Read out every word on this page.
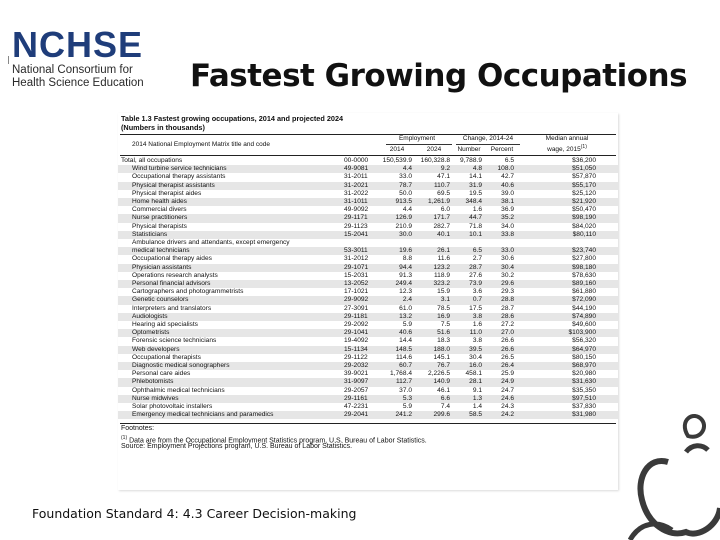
NCHSE
National Consortium for
Health Science Education	Fastest Growing Occupations
Table 1.3 Fastest growing occupations, 2014 and projected 2024
(Numbers in thousands)
2014 National Employment Matrix title and code
Employment	Change, 2014-24	Median annual
wage, 2015$^{(1)}$
2014	2024	Number	Percent
Total, all occupations	00-0000	150,539.9	160,328.8	9,788.9	6.5	$36,200
Wind turbine service technicians	49-9081	4.4	9.2	4.8	108.0	$51,050
Occupational therapy assistants	31-2011	33.0	47.1	14.1	42.7	$57,870
Physical therapist assistants	31-2021	78.7	110.7	31.9	40.6	$55,170
Physical therapist aides	31-2022	50.0	69.5	19.5	39.0	$25,120
Home health aides	31-1011	913.5	1,261.9	348.4	38.1	$21,920
Commercial divers	49-9092	4.4	6.0	1.6	36.9	$50,470
Nurse practitioners	29-1171	126.9	171.7	44.7	35.2	$98,190
Physical therapists	29-1123	210.9	282.7	71.8	34.0	$84,020
Statisticians	15-2041	30.0	40.1	10.1	33.8	$80,110
Ambulance drivers and attendants, except emergency
medical technicians	53-3011	19.6	26.1	6.5	33.0	$23,740
Occupational therapy aides	31-2012	8.8	11.6	2.7	30.6	$27,800
Physician assistants	29-1071	94.4	123.2	28.7	30.4	$98,180
Operations research analysts	15-2031	91.3	118.9	27.6	30.2	$78,630
Personal financial advisors	13-2052	249.4	323.2	73.9	29.6	$89,160
Cartographers and photogrammetrists	17-1021	12.3	15.9	3.6	29.3	$61,880
Genetic counselors	29-9092	2.4	3.1	0.7	28.8	$72,090
Interpreters and translators	27-3091	61.0	78.5	17.5	28.7	$44,190
Audiologists	29-1181	13.2	16.9	3.8	28.6	$74,890
Hearing aid specialists	29-2092	5.9	7.5	1.6	27.2	$49,600
Optometrists	29-1041	40.6	51.6	11.0	27.0	$103,900
Forensic science technicians	19-4092	14.4	18.3	3.8	26.6	$56,320
Web developers	15-1134	148.5	188.0	39.5	26.6	$64,970
Occupational therapists	29-1122	114.6	145.1	30.4	26.5	$80,150
Diagnostic medical sonographers	29-2032	60.7	76.7	16.0	26.4	$68,970
Personal care aides	39-9021	1,768.4	2,226.5	458.1	25.9	$20,980
Phlebotomists	31-9097	112.7	140.9	28.1	24.9	$31,630
Ophthalmic medical technicians	29-2057	37.0	46.1	9.1	24.7	$35,350
Nurse midwives	29-1161	5.3	6.6	1.3	24.6	$97,510
Solar photovoltaic installers	47-2231	5.9	7.4	1.4	24.3	$37,830
Emergency medical technicians and paramedics	29-2041	241.2	299.6	58.5	24.2	$31,980
Footnotes:
$^{(1)}$ Data are from the Occupational Employment Statistics program, U.S. Bureau of Labor Statistics.
Source: Employment Projections program, U.S. Bureau of Labor Statistics.
Foundation Standard 4: 4.3 Career Decision-making
